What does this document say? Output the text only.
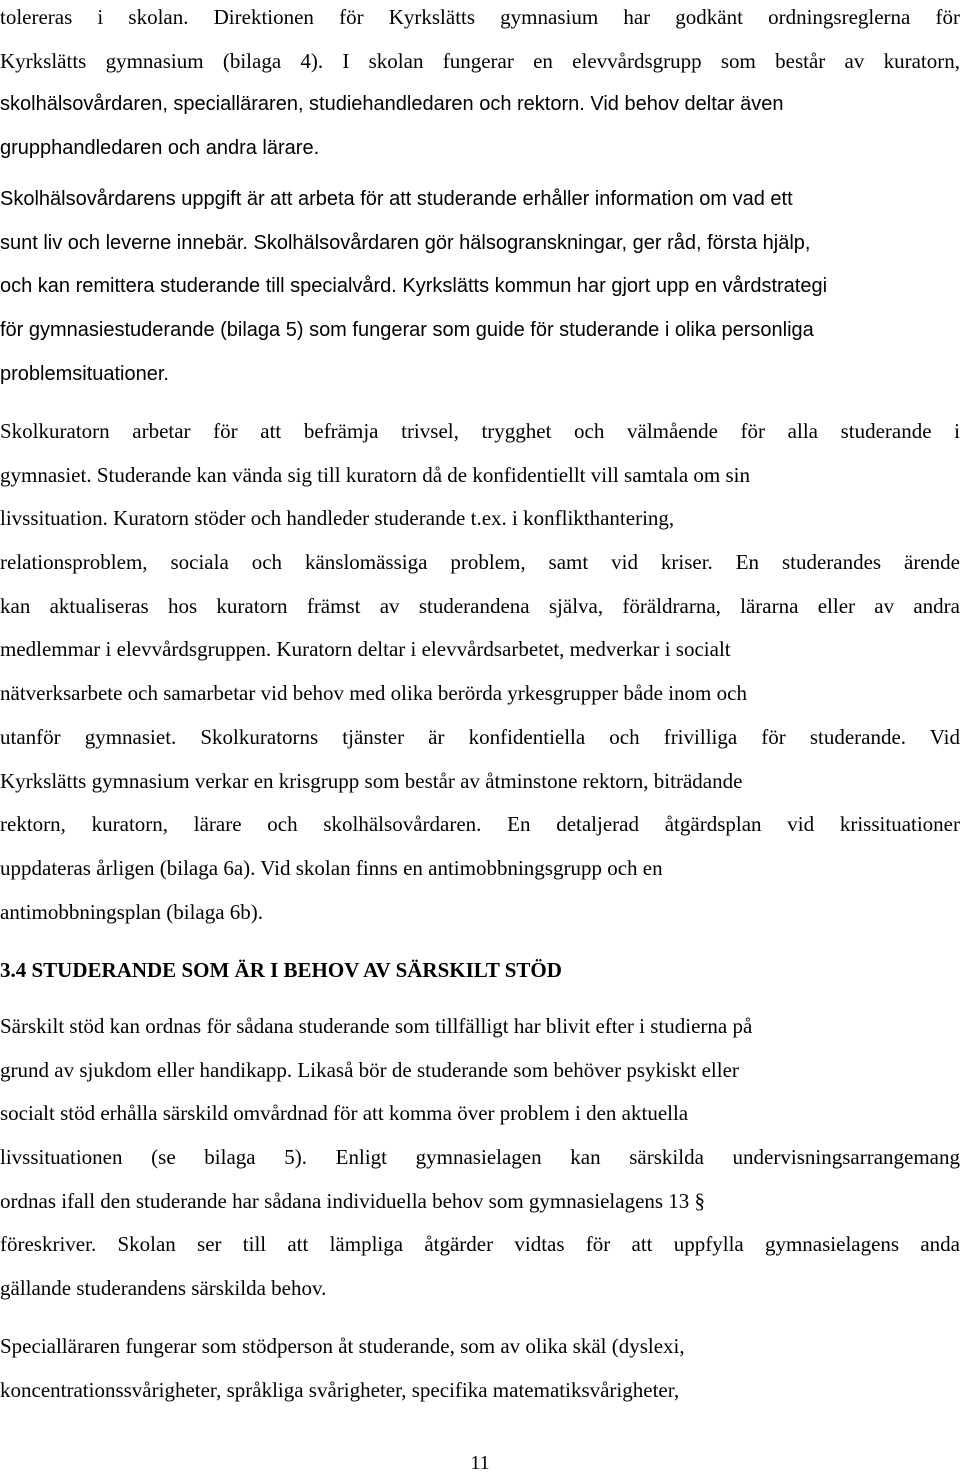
tolereras i skolan. Direktionen för Kyrkslätts gymnasium har godkänt ordningsreglerna för
Kyrkslätts gymnasium (bilaga 4). I skolan fungerar en elevvårdsgrupp som består av kuratorn,
skolhälsovårdaren, specialläraren, studiehandledaren och rektorn. Vid behov deltar även
grupphandledaren och andra lärare.
Skolhälsovårdarens uppgift är att arbeta för att studerande erhåller information om vad ett
sunt liv och leverne innebär. Skolhälsovårdaren gör hälsogranskningar, ger råd, första hjälp,
och kan remittera studerande till specialvård. Kyrkslätts kommun har gjort upp en vårdstrategi
för gymnasiestuderande (bilaga 5) som fungerar som guide för studerande i olika personliga
problemsituationer.
Skolkuratorn arbetar för att befrämja trivsel, trygghet och välmående för alla studerande i
gymnasiet. Studerande kan vända sig till kuratorn då de konfidentiellt vill samtala om sin
livssituation. Kuratorn stöder och handleder studerande t.ex. i konflikthantering,
relationsproblem, sociala och känslomässiga problem, samt vid kriser. En studerandes ärende
kan aktualiseras hos kuratorn främst av studerandena själva, föräldrarna, lärarna eller av andra
medlemmar i elevvårdsgruppen. Kuratorn deltar i elevvårdsarbetet, medverkar i socialt
nätverksarbete och samarbetar vid behov med olika berörda yrkesgrupper både inom och
utanför gymnasiet. Skolkuratorns tjänster är konfidentiella och frivilliga för studerande. Vid
Kyrkslätts gymnasium verkar en krisgrupp som består av åtminstone rektorn, biträdande
rektorn, kuratorn, lärare och skolhälsovårdaren. En detaljerad åtgärdsplan vid krissituationer
uppdateras årligen (bilaga 6a). Vid skolan finns en antimobbningsgrupp och en
antimobbningsplan (bilaga 6b).
3.4 STUDERANDE SOM ÄR I BEHOV AV SÄRSKILT STÖD
Särskilt stöd kan ordnas för sådana studerande som tillfälligt har blivit efter i studierna på
grund av sjukdom eller handikapp. Likaså bör de studerande som behöver psykiskt eller
socialt stöd erhålla särskild omvårdnad för att komma över problem i den aktuella
livssituationen (se bilaga 5). Enligt gymnasielagen kan särskilda undervisningsarrangemang
ordnas ifall den studerande har sådana individuella behov som gymnasielagens 13 §
föreskriver. Skolan ser till att lämpliga åtgärder vidtas för att uppfylla gymnasielagens anda
gällande studerandens särskilda behov.
Specialläraren fungerar som stödperson åt studerande, som av olika skäl (dyslexi,
koncentrationssvårigheter, språkliga svårigheter, specifika matematiksvårigheter,
11
